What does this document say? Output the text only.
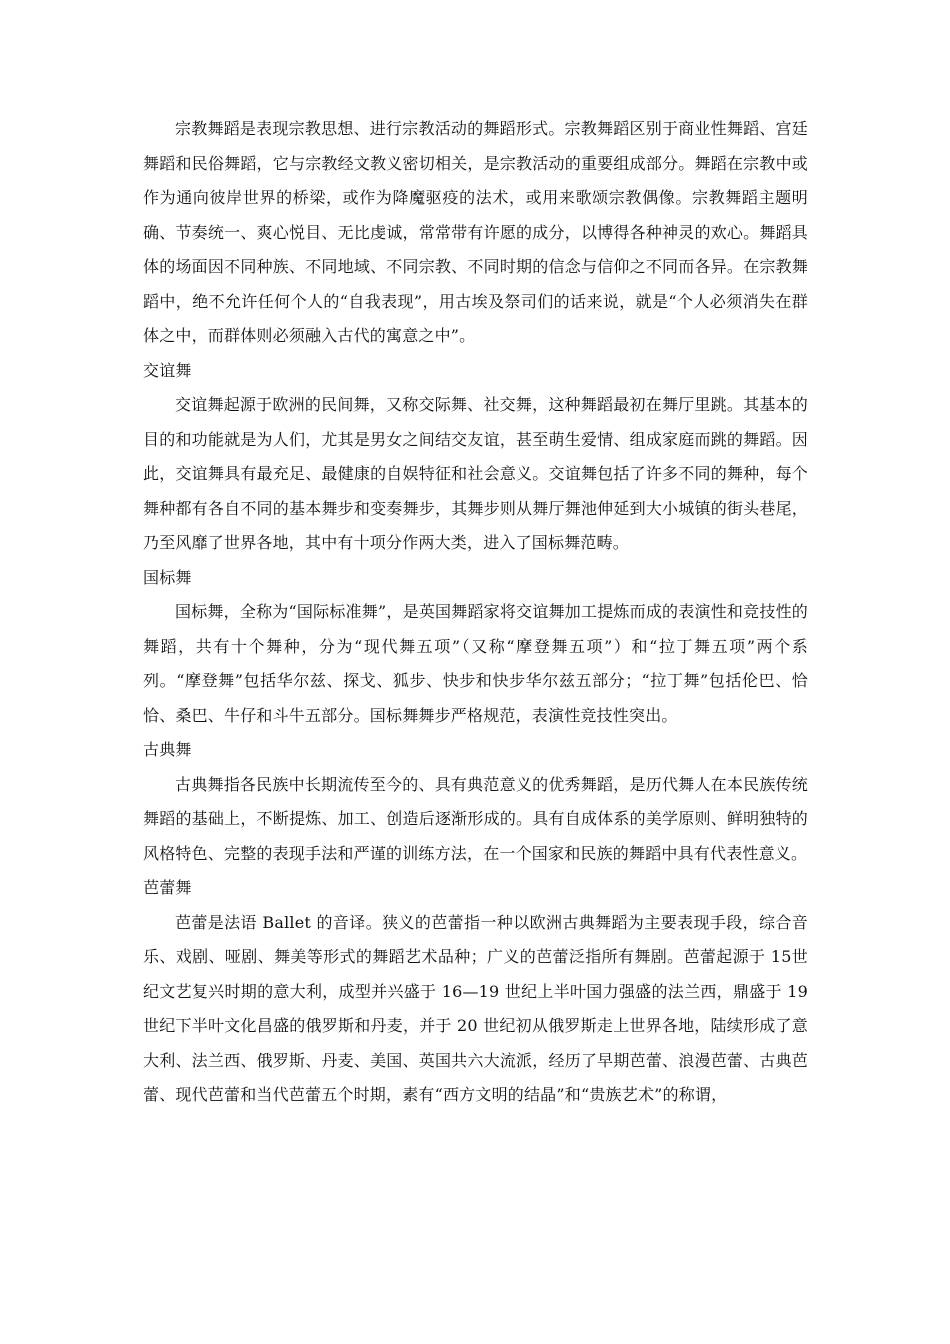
宗教舞蹈是表现宗教思想、进行宗教活动的舞蹈形式。宗教舞蹈区别于商业性舞蹈、宫廷舞蹈和民俗舞蹈，它与宗教经文教义密切相关，是宗教活动的重要组成部分。舞蹈在宗教中或作为通向彼岸世界的桥梁，或作为降魔驱疫的法术，或用来歌颂宗教偶像。宗教舞蹈主题明确、节奏统一、爽心悦目、无比虔诚，常常带有许愿的成分，以博得各种神灵的欢心。舞蹈具体的场面因不同种族、不同地域、不同宗教、不同时期的信念与信仰之不同而各异。在宗教舞蹈中，绝不允许任何个人的“自我表现”，用古埃及祭司们的话来说，就是“个人必须消失在群体之中，而群体则必须融入古代的寓意之中”。

交谊舞

交谊舞起源于欧洲的民间舞，又称交际舞、社交舞，这种舞蹈最初在舞厅里跳。其基本的目的和功能就是为人们，尤其是男女之间结交友谊，甚至萌生爱情、组成家庭而跳的舞蹈。因此，交谊舞具有最充足、最健康的自娱特征和社会意义。交谊舞包括了许多不同的舞种，每个舞种都有各自不同的基本舞步和变奏舞步，其舞步则从舞厅舞池伸延到大小城镇的街头巷尾，乃至风靡了世界各地，其中有十项分作两大类，进入了国标舞范畴。

国标舞

国标舞，全称为“国际标准舞”，是英国舞蹈家将交谊舞加工提炼而成的表演性和竞技性的舞蹈，共有十个舞种，分为“现代舞五项”（又称“摩登舞五项”）和“拉丁舞五项”两个系列。“摩登舞”包括华尔兹、探戈、狐步、快步和快步华尔兹五部分；“拉丁舞”包括伦巴、恰恰、桑巴、牛仔和斗牛五部分。国标舞舞步严格规范，表演性竞技性突出。

古典舞

古典舞指各民族中长期流传至今的、具有典范意义的优秀舞蹈，是历代舞人在本民族传统舞蹈的基础上，不断提炼、加工、创造后逐渐形成的。具有自成体系的美学原则、鲜明独特的风格特色、完整的表现手法和严谨的训练方法，在一个国家和民族的舞蹈中具有代表性意义。

芭蕾舞

芭蕾是法语 Ballet 的音译。狭义的芭蕾指一种以欧洲古典舞蹈为主要表现手段，综合音乐、戏剧、哑剧、舞美等形式的舞蹈艺术品种；广义的芭蕾泛指所有舞剧。芭蕾起源于 15世纪文艺复兴时期的意大利，成型并兴盛于 16—19 世纪上半叶国力强盛的法兰西，鼎盛于 19 世纪下半叶文化昌盛的俄罗斯和丹麦，并于 20 世纪初从俄罗斯走上世界各地，陆续形成了意大利、法兰西、俄罗斯、丹麦、美国、英国共六大流派，经历了早期芭蕾、浪漫芭蕾、古典芭蕾、现代芭蕾和当代芭蕾五个时期，素有“西方文明的结晶”和“贵族艺术”的称谓，
